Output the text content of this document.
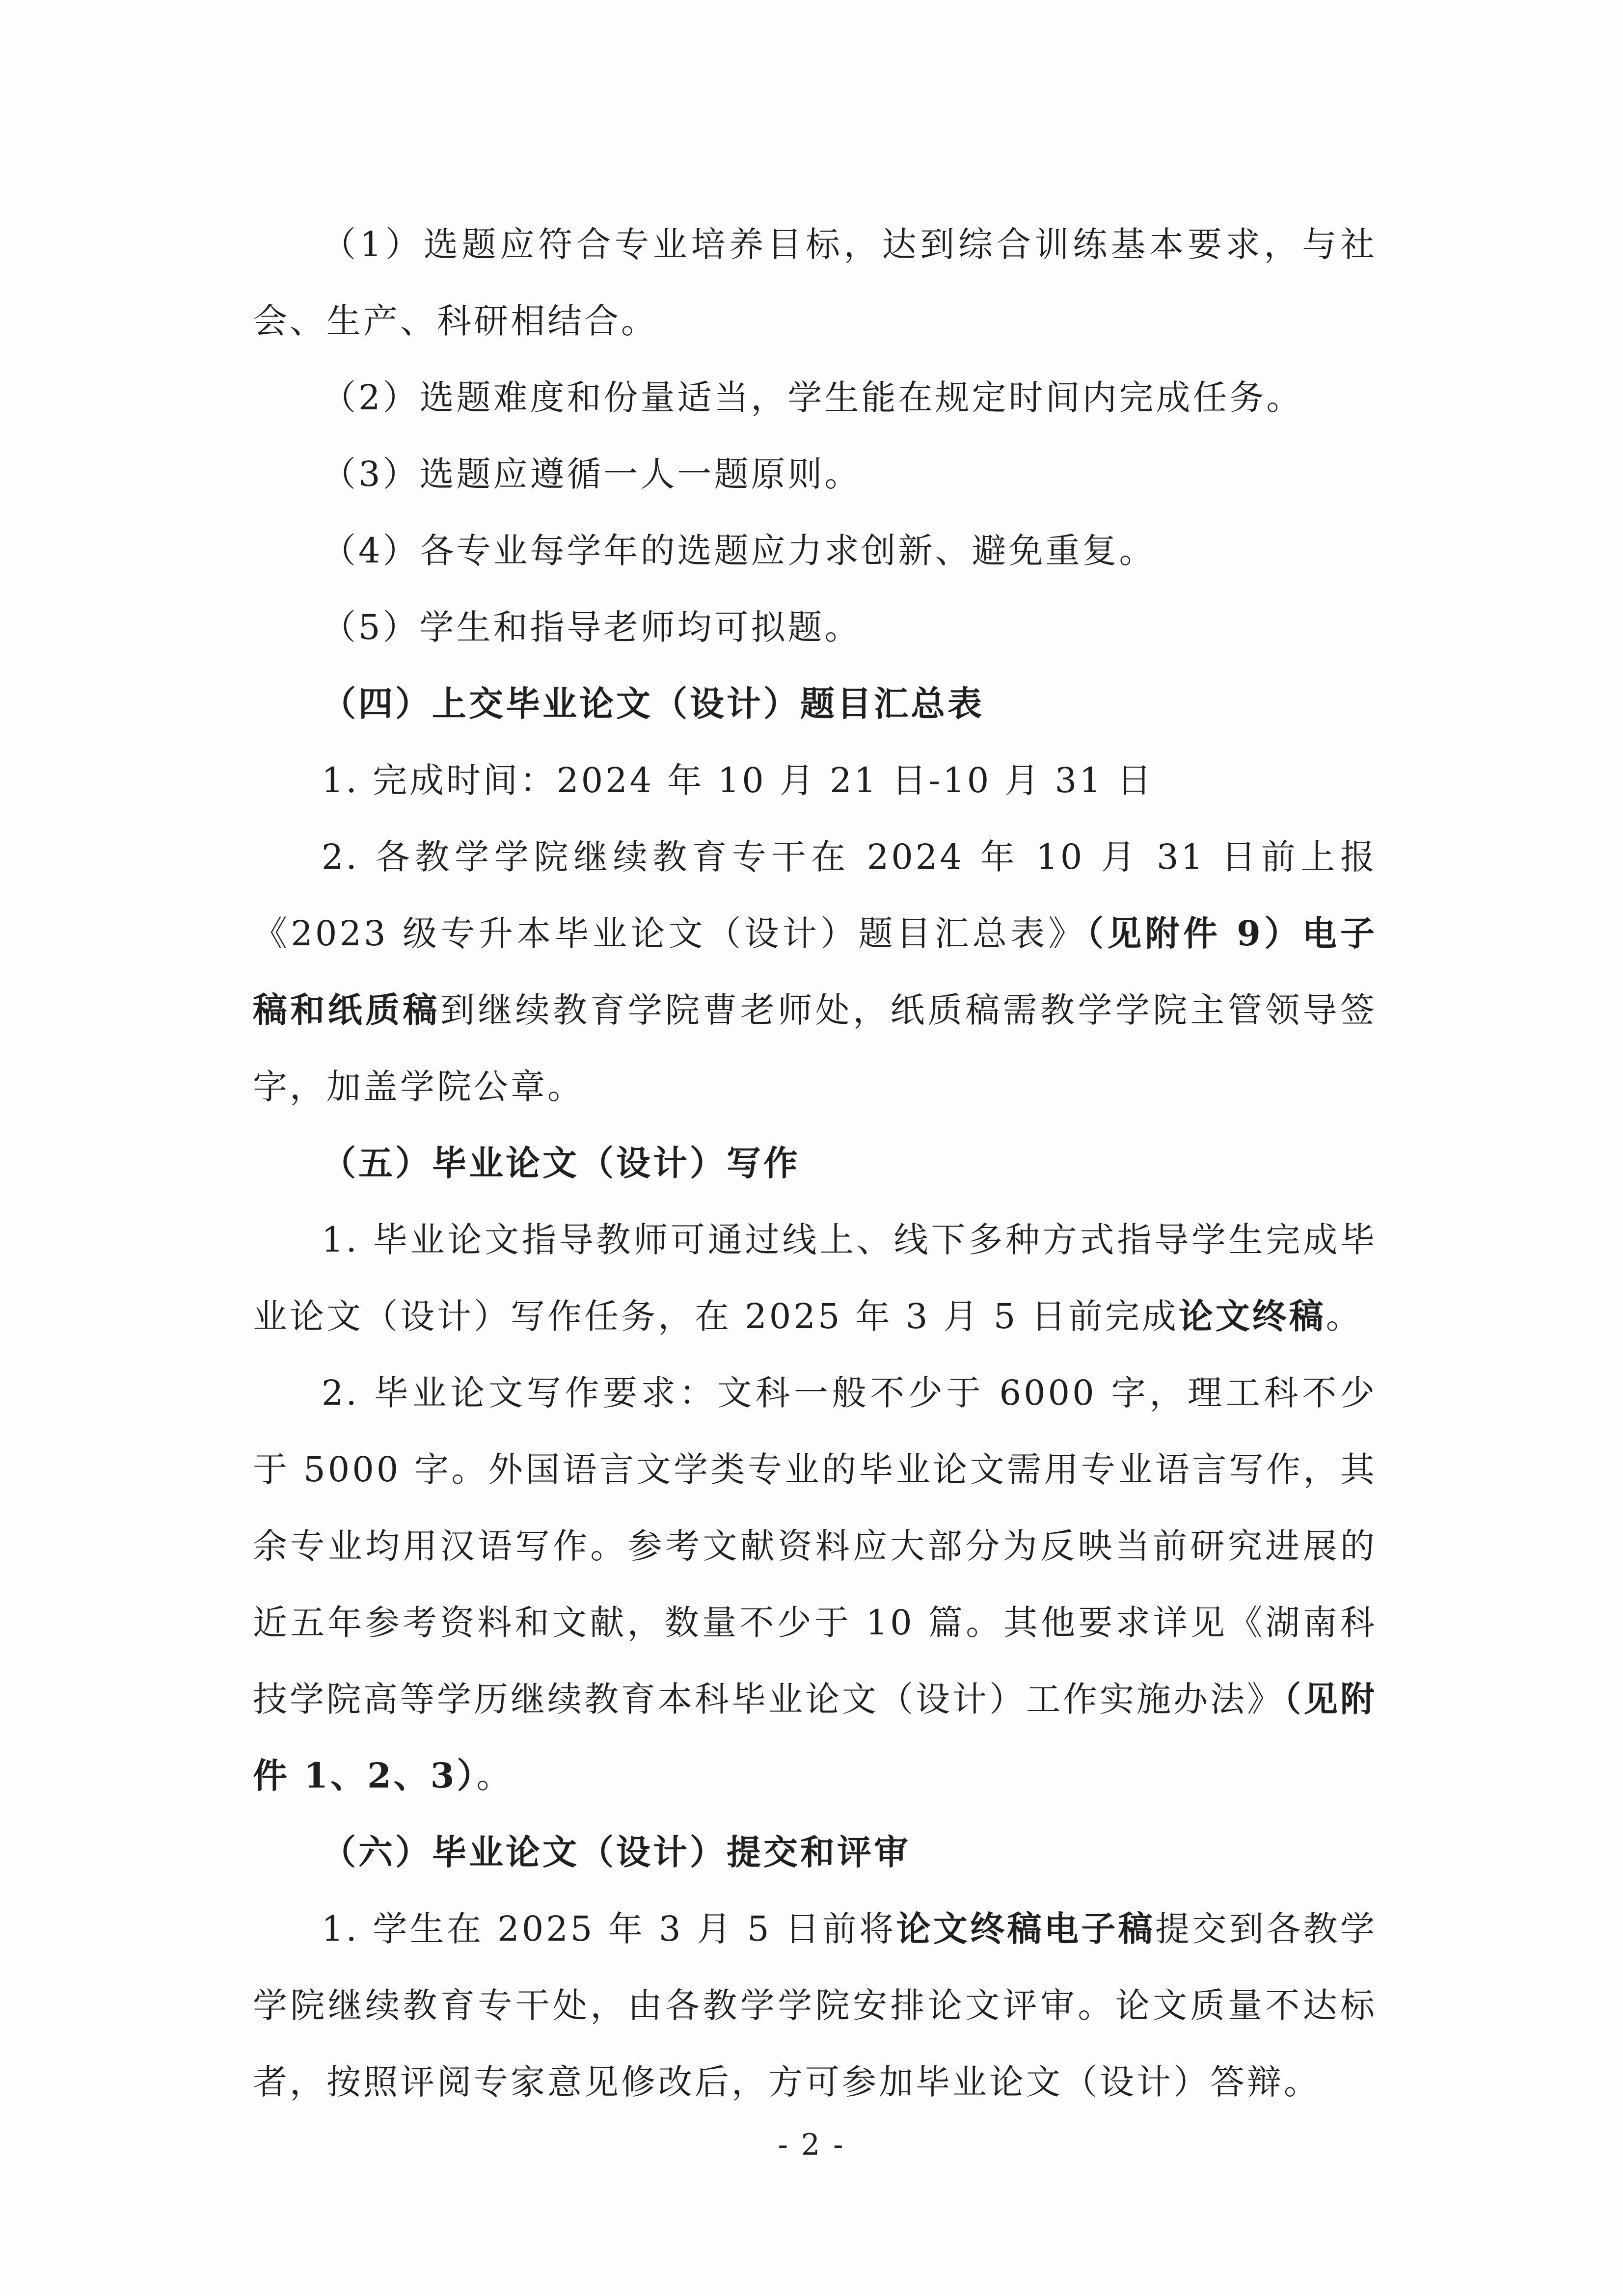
（1）选题应符合专业培养目标，达到综合训练基本要求，与社会、生产、科研相结合。

（2）选题难度和份量适当，学生能在规定时间内完成任务。

（3）选题应遵循一人一题原则。

（4）各专业每学年的选题应力求创新、避免重复。

（5）学生和指导老师均可拟题。

（四）上交毕业论文（设计）题目汇总表

1. 完成时间：2024 年 10 月 21 日-10 月 31 日

2. 各教学学院继续教育专干在 2024 年 10 月 31 日前上报《2023 级专升本毕业论文（设计）题目汇总表》（见附件 9）电子稿和纸质稿到继续教育学院曹老师处，纸质稿需教学学院主管领导签字，加盖学院公章。

（五）毕业论文（设计）写作

1. 毕业论文指导教师可通过线上、线下多种方式指导学生完成毕业论文（设计）写作任务，在 2025 年 3 月 5 日前完成论文终稿。

2. 毕业论文写作要求：文科一般不少于 6000 字，理工科不少于 5000 字。外国语言文学类专业的毕业论文需用专业语言写作，其余专业均用汉语写作。参考文献资料应大部分为反映当前研究进展的近五年参考资料和文献，数量不少于 10 篇。其他要求详见《湖南科技学院高等学历继续教育本科毕业论文（设计）工作实施办法》（见附件 1、2、3）。

（六）毕业论文（设计）提交和评审

1. 学生在 2025 年 3 月 5 日前将论文终稿电子稿提交到各教学学院继续教育专干处，由各教学学院安排论文评审。论文质量不达标者，按照评阅专家意见修改后，方可参加毕业论文（设计）答辩。

- 2 -
